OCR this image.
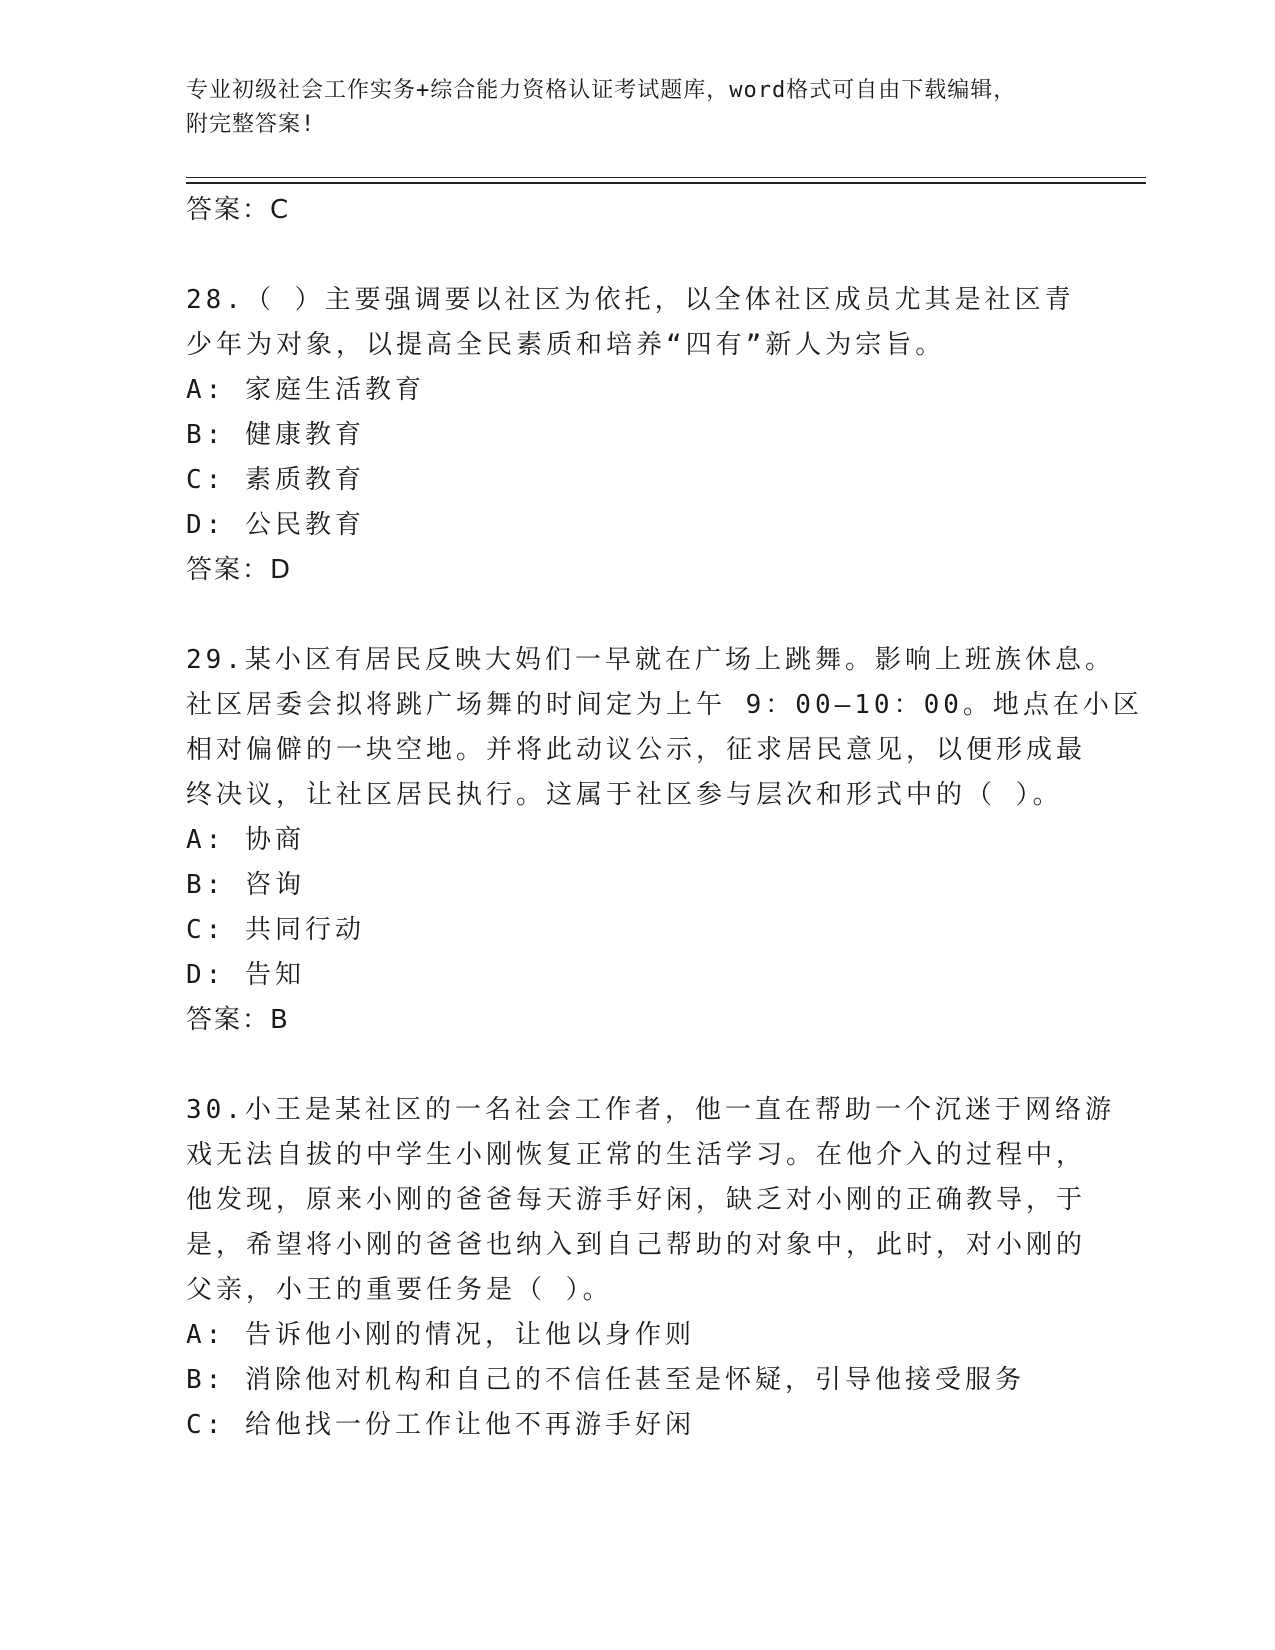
专业初级社会工作实务+综合能力资格认证考试题库，word格式可自由下载编辑，
附完整答案!
答案：C
28.（ ）主要强调要以社区为依托，以全体社区成员尤其是社区青
少年为对象，以提高全民素质和培养“四有”新人为宗旨。
A: 家庭生活教育
B: 健康教育
C: 素质教育
D: 公民教育
答案：D
29.某小区有居民反映大妈们一早就在广场上跳舞。影响上班族休息。
社区居委会拟将跳广场舞的时间定为上午 9：00—10：00。地点在小区
相对偏僻的一块空地。并将此动议公示，征求居民意见，以便形成最
终决议，让社区居民执行。这属于社区参与层次和形式中的（ ）。
A: 协商
B: 咨询
C: 共同行动
D: 告知
答案：B
30.小王是某社区的一名社会工作者，他一直在帮助一个沉迷于网络游
戏无法自拔的中学生小刚恢复正常的生活学习。在他介入的过程中，
他发现，原来小刚的爸爸每天游手好闲，缺乏对小刚的正确教导，于
是，希望将小刚的爸爸也纳入到自己帮助的对象中，此时，对小刚的
父亲，小王的重要任务是（ ）。
A: 告诉他小刚的情况，让他以身作则
B: 消除他对机构和自己的不信任甚至是怀疑，引导他接受服务
C: 给他找一份工作让他不再游手好闲
